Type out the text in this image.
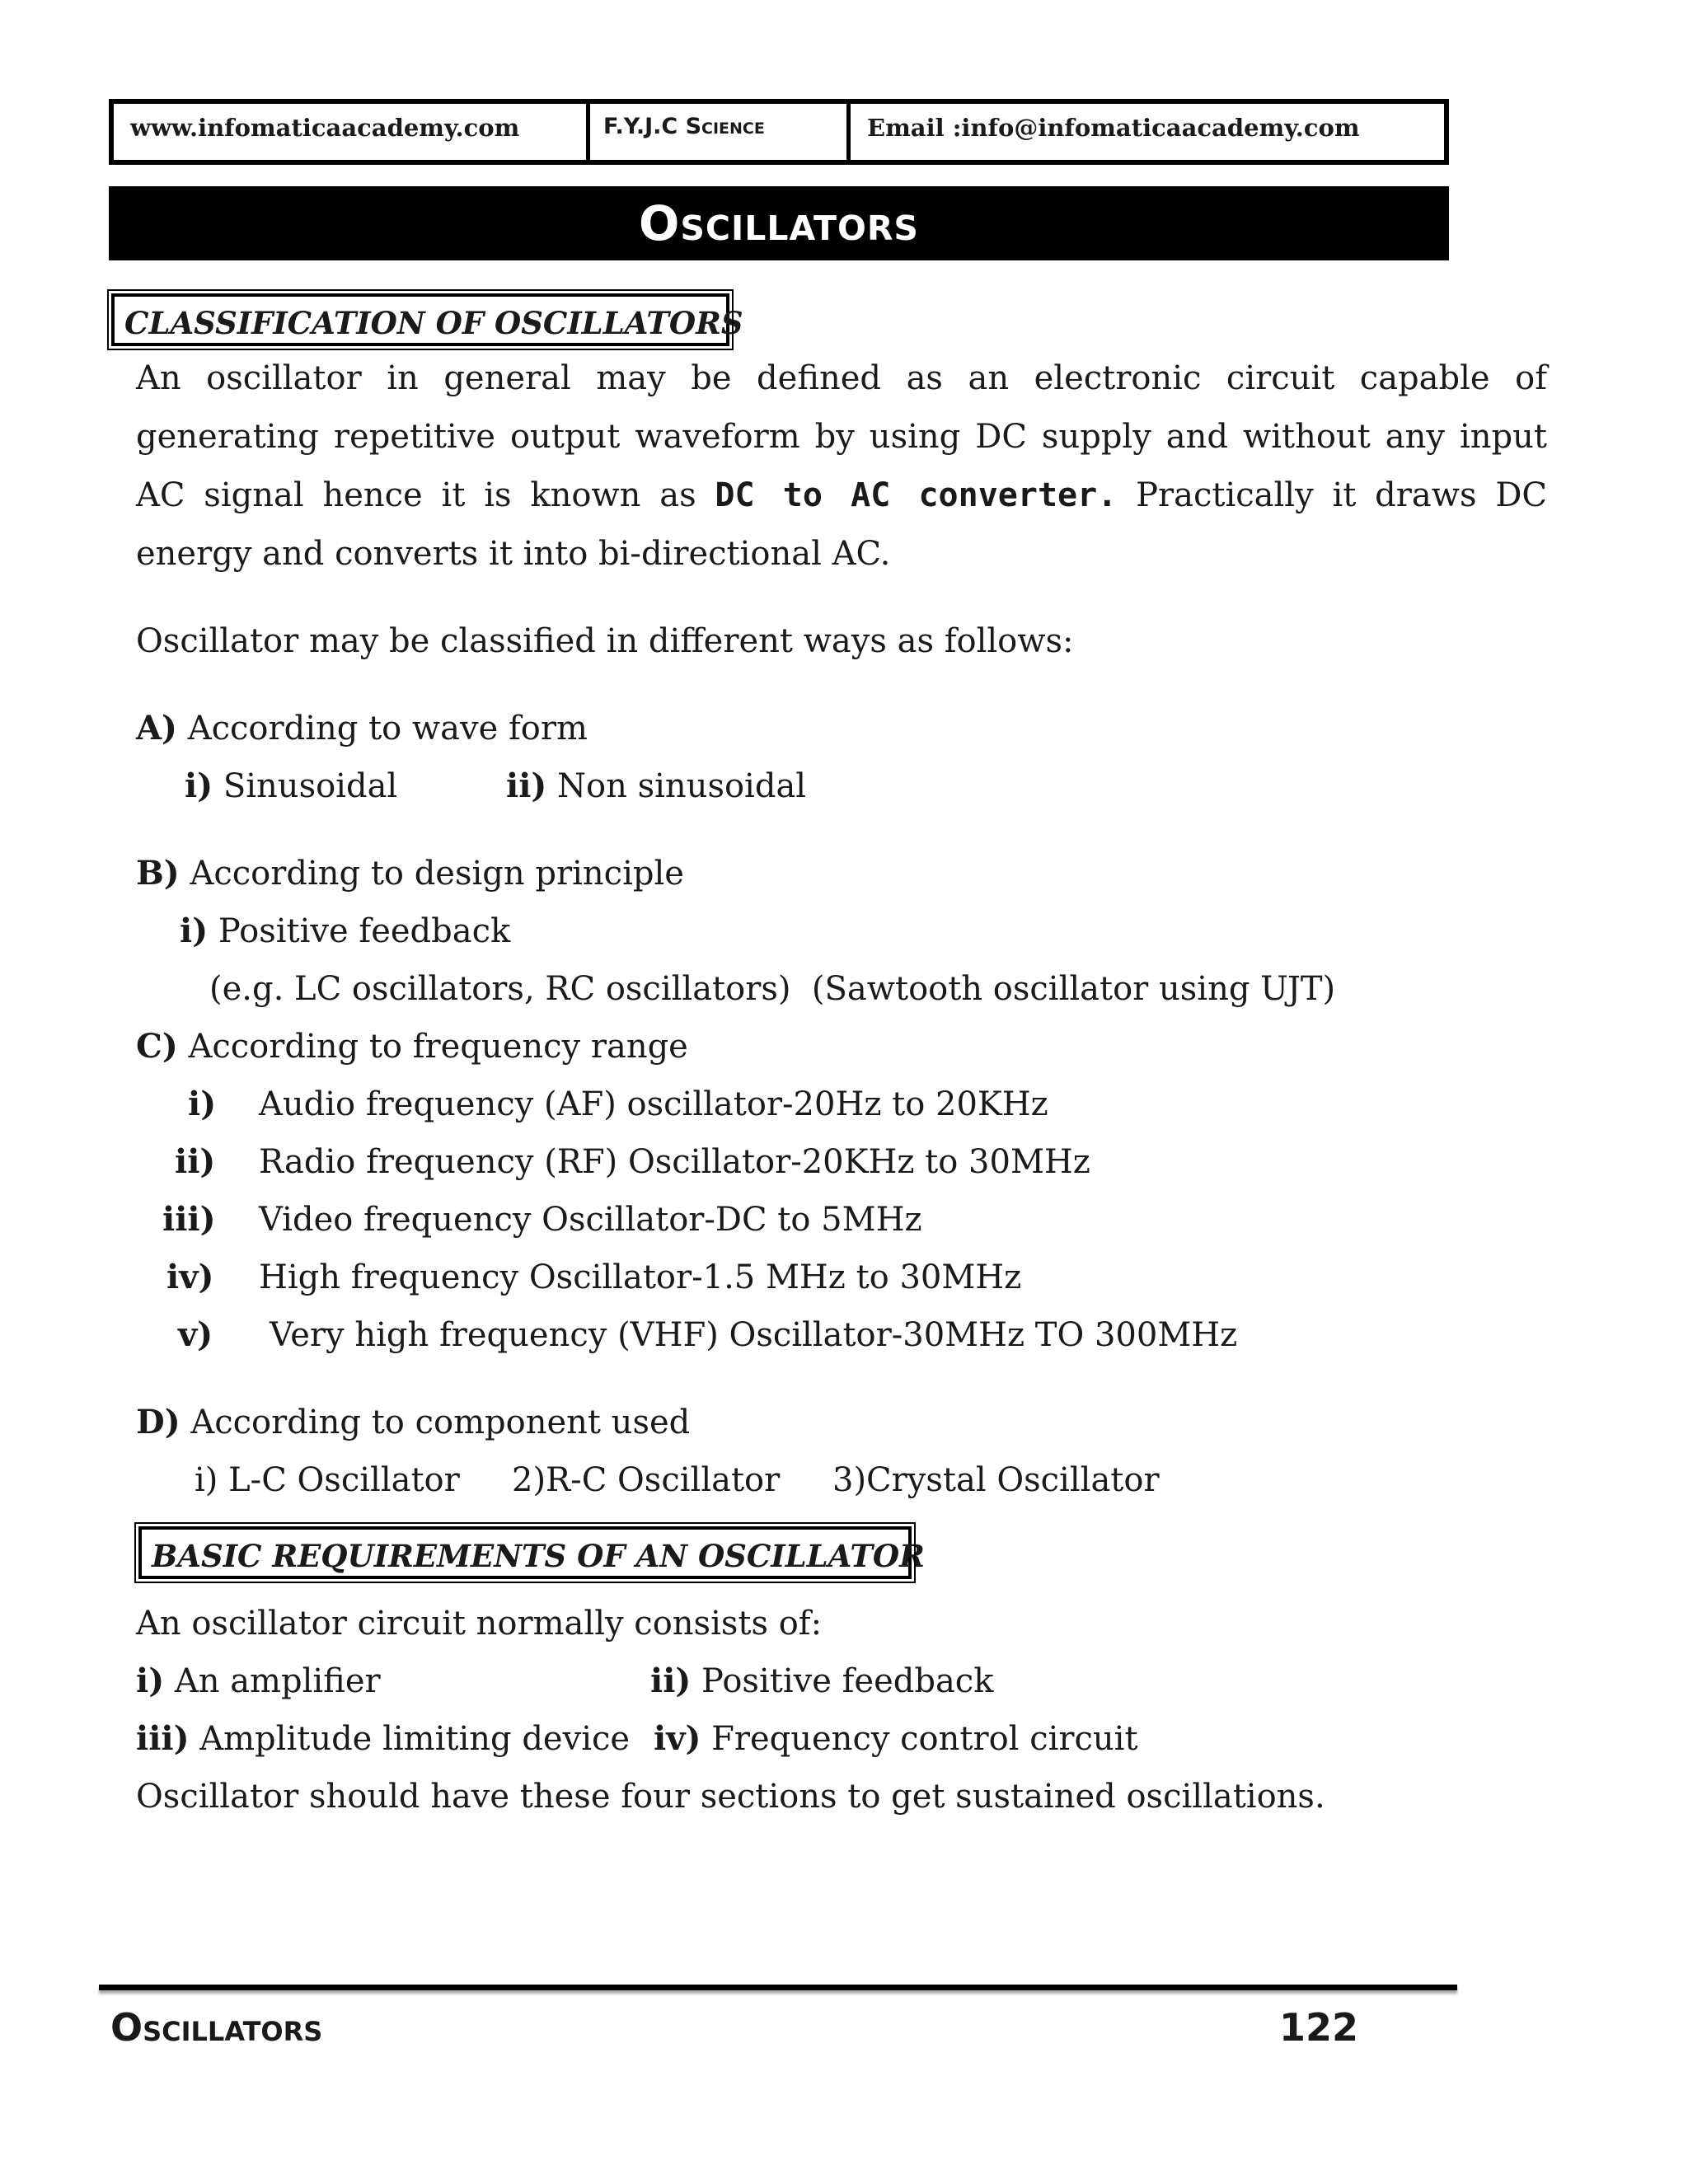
www.infomaticaacademy.com	F.Y.J.C Science	Email :info@infomaticaacademy.com
Oscillators
CLASSIFICATION OF OSCILLATORS
An oscillator in general may be defined as an electronic circuit capable of generating repetitive output waveform by using DC supply and without any input AC signal hence it is known as DC to AC converter. Practically it draws DC energy and converts it into bi-directional AC.
Oscillator may be classified in different ways as follows:
A) According to wave form
i) Sinusoidal	ii) Non sinusoidal
B) According to design principle
i) Positive feedback
(e.g. LC oscillators, RC oscillators)  (Sawtooth oscillator using UJT)
C) According to frequency range
i) Audio frequency (AF) oscillator-20Hz to 20KHz
ii) Radio frequency (RF) Oscillator-20KHz to 30MHz
iii) Video frequency Oscillator-DC to 5MHz
iv) High frequency Oscillator-1.5 MHz to 30MHz
v) Very high frequency (VHF) Oscillator-30MHz TO 300MHz
D) According to component used
i) L-C Oscillator 2)R-C Oscillator 3)Crystal Oscillator
BASIC REQUIREMENTS OF AN OSCILLATOR
An oscillator circuit normally consists of:
i) An amplifier	ii) Positive feedback
iii) Amplitude limiting device iv) Frequency control circuit
Oscillator should have these four sections to get sustained oscillations.
Oscillators	122
